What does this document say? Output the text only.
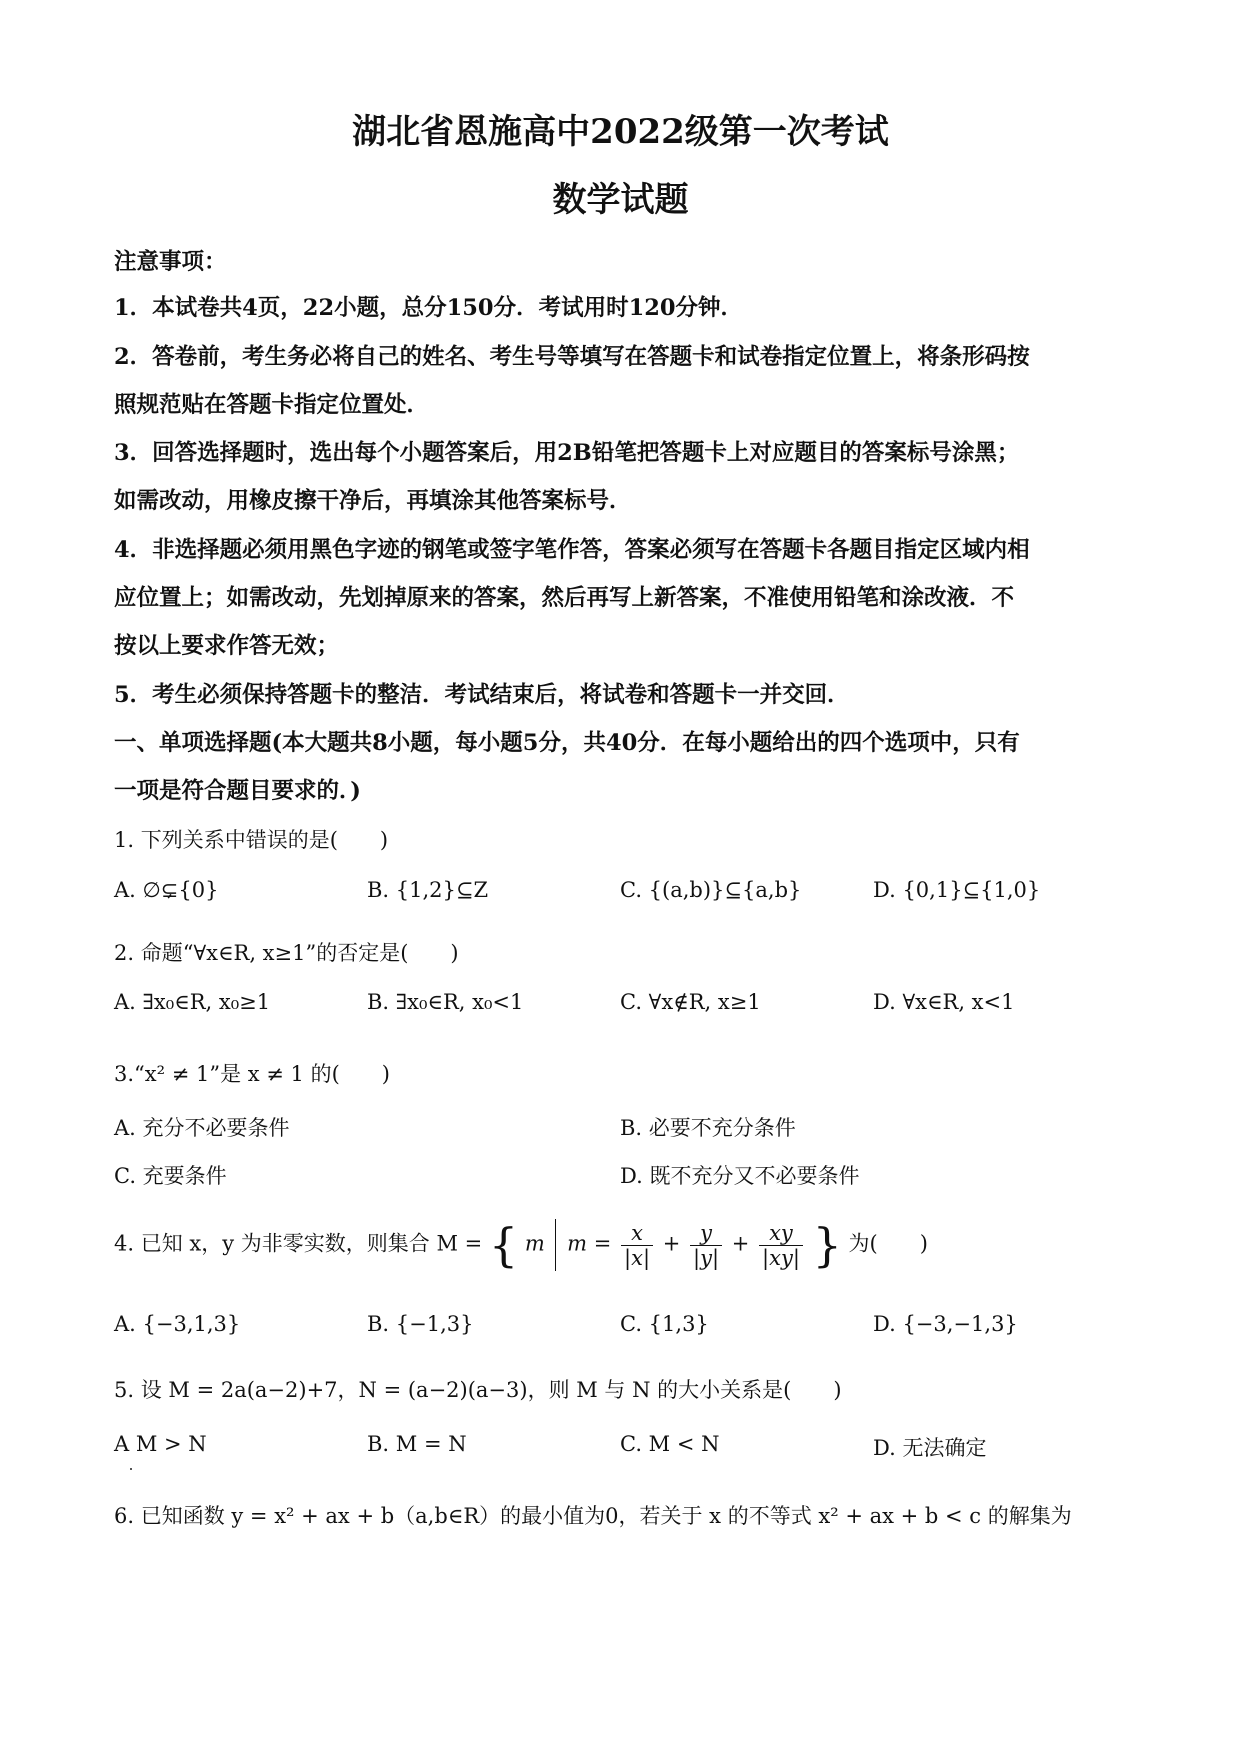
湖北省恩施高中2022级第一次考试
数学试题
注意事项：
1．本试卷共4页，22小题，总分150分．考试用时120分钟．
2．答卷前，考生务必将自己的姓名、考生号等填写在答题卡和试卷指定位置上，将条形码按
照规范贴在答题卡指定位置处．
3．回答选择题时，选出每个小题答案后，用2B铅笔把答题卡上对应题目的答案标号涂黑；
如需改动，用橡皮擦干净后，再填涂其他答案标号．
4．非选择题必须用黑色字迹的钢笔或签字笔作答，答案必须写在答题卡各题目指定区域内相
应位置上；如需改动，先划掉原来的答案，然后再写上新答案，不准使用铅笔和涂改液．不
按以上要求作答无效；
5．考生必须保持答题卡的整洁．考试结束后，将试卷和答题卡一并交回．
一、单项选择题(本大题共8小题，每小题5分，共40分．在每小题给出的四个选项中，只有
一项是符合题目要求的．)
1. 下列关系中错误的是(　　)
A. ∅⊊{0}	B. {1,2}⊆Z	C. {(a,b)}⊆{a,b}	D. {0,1}⊆{1,0}
2. 命题“∀x∈R, x≥1”的否定是(　　)
A. ∃x₀∈R, x₀≥1	B. ∃x₀∈R, x₀<1	C. ∀x∉R, x≥1	D. ∀x∈R, x<1
3.“x² ≠ 1”是 x ≠ 1 的(　　)
A. 充分不必要条件	B. 必要不充分条件
C. 充要条件	D. 既不充分又不必要条件
4. 已知 x，y 为非零实数，则集合 M = { m $m = \frac{x}{|x|} + \frac{y}{|y|} + \frac{xy}{|xy|}$ } 为(　　)
A. {−3,1,3}	B. {−1,3}	C. {1,3}	D. {−3,−1,3}
5. 设 M = 2a(a−2)+7，N = (a−2)(a−3)，则 M 与 N 的大小关系是(　　)
A M > N	B. M = N	C. M < N	D. 无法确定
6. 已知函数 y = x² + ax + b（a,b∈R）的最小值为0，若关于 x 的不等式 x² + ax + b < c 的解集为
